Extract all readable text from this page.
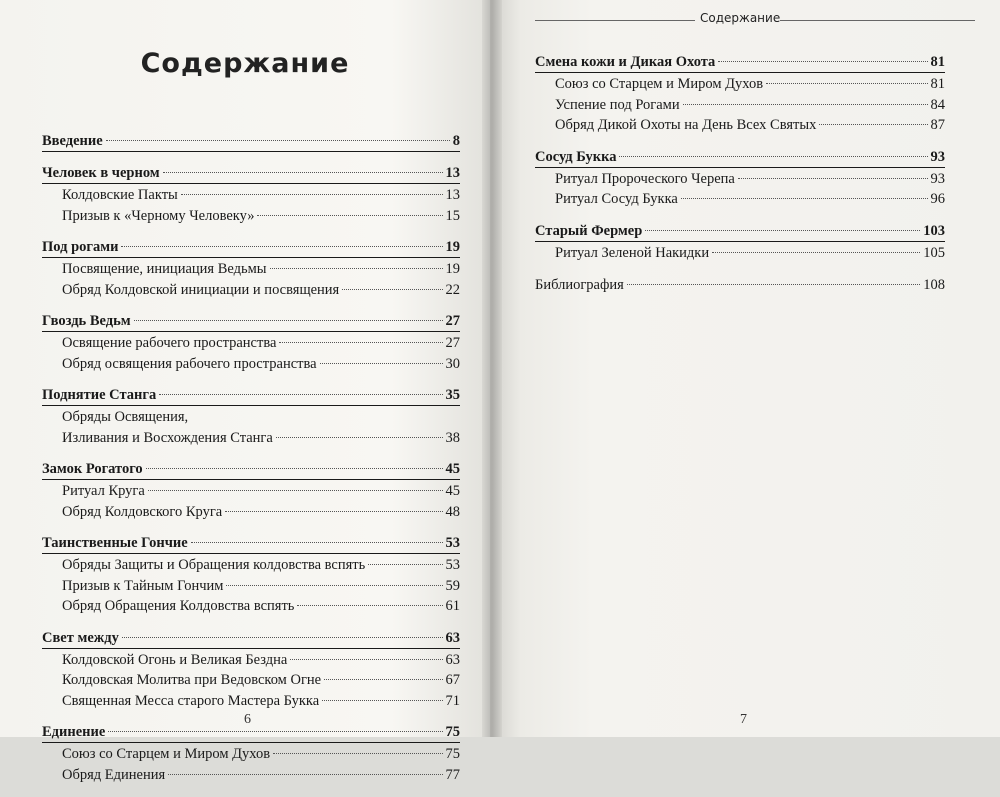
Содержание
Введение	8
Человек в черном	13
Колдовские Пакты	13
Призыв к «Черному Человеку»	15
Под рогами	19
Посвящение, инициация Ведьмы	19
Обряд Колдовской инициации и посвящения	22
Гвоздь Ведьм	27
Освящение рабочего пространства	27
Обряд освящения рабочего пространства	30
Поднятие Станга	35
Обряды Освящения,
Изливания и Восхождения Станга	38
Замок Рогатого	45
Ритуал Круга	45
Обряд Колдовского Круга	48
Таинственные Гончие	53
Обряды Защиты и Обращения колдовства вспять	53
Призыв к Тайным Гончим	59
Обряд Обращения Колдовства вспять	61
Свет между	63
Колдовской Огонь и Великая Бездна	63
Колдовская Молитва при Ведовском Огне	67
Священная Месса старого Мастера Букка	71
Единение	75
Союз со Старцем и Миром Духов	75
Обряд Единения	77
6
Содержание
Смена кожи и Дикая Охота	81
Союз со Старцем и Миром Духов	81
Успение под Рогами	84
Обряд Дикой Охоты на День Всех Святых	87
Сосуд Букка	93
Ритуал Пророческого Черепа	93
Ритуал Сосуд Букка	96
Старый Фермер	103
Ритуал Зеленой Накидки	105
Библиография	108
7
